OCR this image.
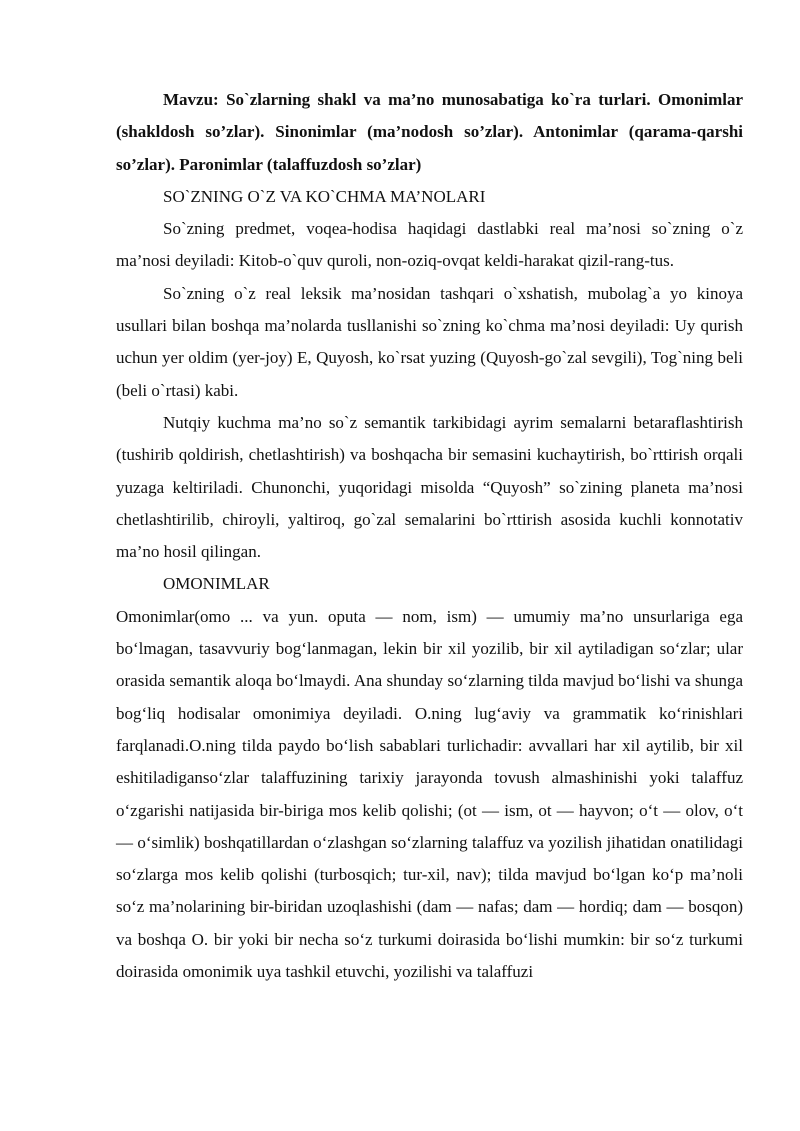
Mavzu: So`zlarning shakl va ma’no munosabatiga ko`ra turlari. Omonimlar (shakldosh so’zlar). Sinonimlar (ma’nodosh so’zlar). Antonimlar (qarama-qarshi so’zlar). Paronimlar (talaffuzdosh so’zlar)

SO`ZNING O`Z VA KO`CHMA MA’NOLARI

So`zning predmet, voqea-hodisa haqidagi dastlabki real ma’nosi so`zning o`z ma’nosi deyiladi: Kitob-o`quv quroli, non-oziq-ovqat keldi-harakat qizil-rang-tus.

So`zning o`z real leksik ma’nosidan tashqari o`xshatish, mubolag`a yo kinoya usullari bilan boshqa ma’nolarda tusllanishi so`zning ko`chma ma’nosi deyiladi: Uy qurish uchun yer oldim (yer-joy) E, Quyosh, ko`rsat yuzing (Quyosh-go`zal sevgili), Tog`ning beli (beli o`rtasi) kabi.

Nutqiy kuchma ma’no so`z semantik tarkibidagi ayrim semalarni betaraflashtirish (tushirib qoldirish, chetlashtirish) va boshqacha bir semasini kuchaytirish, bo`rttirish orqali yuzaga keltiriladi. Chunonchi, yuqoridagi misolda “Quyosh” so`zining planeta ma’nosi chetlashtirilib, chiroyli, yaltiroq, go`zal semalarini bo`rttirish asosida kuchli konnotativ ma’no hosil qilingan.

OMONIMLAR

Omonimlar(omo ... va yun. oputa — nom, ism) — umumiy ma’no unsurlariga ega bo‘lmagan, tasavvuriy bog‘lanmagan, lekin bir xil yozilib, bir xil aytiladigan so‘zlar; ular orasida semantik aloqa bo‘lmaydi. Ana shunday so‘zlarning tilda mavjud bo‘lishi va shunga bog‘liq hodisalar omonimiya deyiladi. O.ning lug‘aviy va grammatik ko‘rinishlari farqlanadi.O.ning tilda paydo bo‘lish sabablari turlichadir: avvallari har xil aytilib, bir xil eshitiladiganso‘zlar talaffuzining tarixiy jarayonda tovush almashinishi yoki talaffuz o‘zgarishi natijasida bir-biriga mos kelib qolishi; (ot — ism, ot — hayvon; o‘t — olov, o‘t — o‘simlik) boshqatillardan o‘zlashgan so‘zlarning talaffuz va yozilish jihatidan onatilidagi so‘zlarga mos kelib qolishi (turbosqich; tur-xil, nav); tilda mavjud bo‘lgan ko‘p ma’noli so‘z ma’nolarining bir-biridan uzoqlashishi (dam — nafas; dam — hordiq; dam — bosqon) va boshqa O. bir yoki bir necha so‘z turkumi doirasida bo‘lishi mumkin: bir so‘z turkumi doirasida omonimik uya tashkil etuvchi, yozilishi va talaffuzi
